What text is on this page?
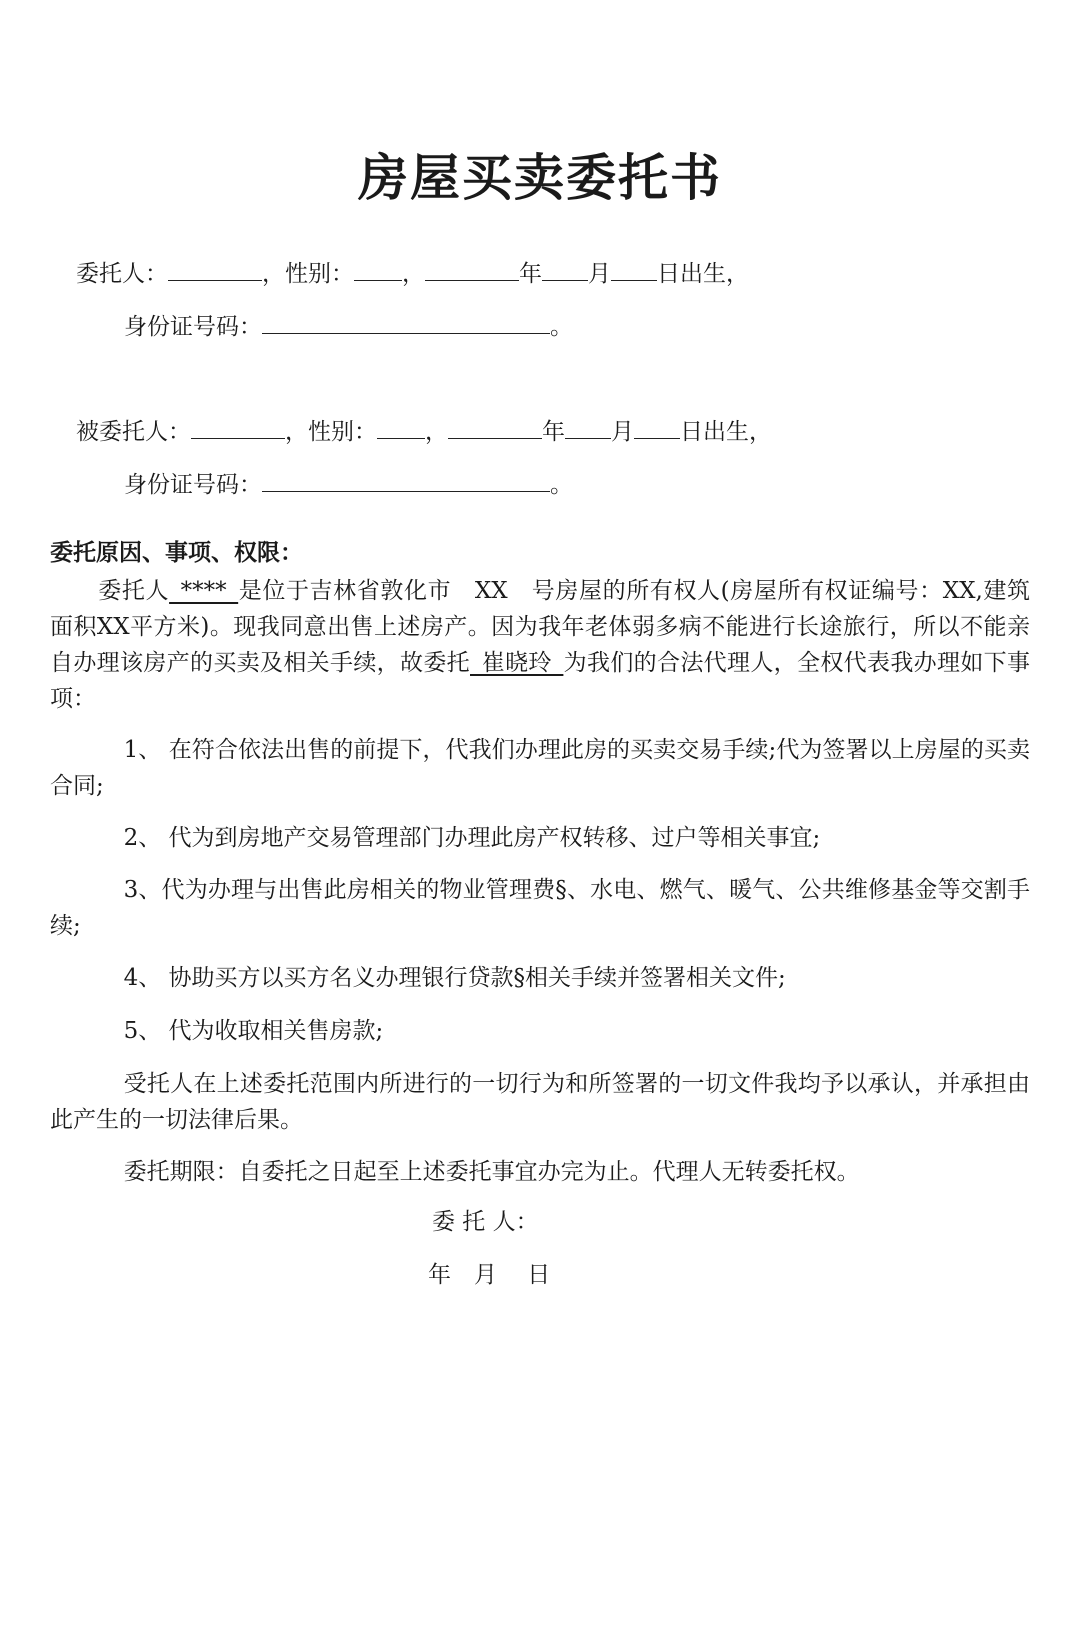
房屋买卖委托书
委托人：	，性别： ，	年 月 日出生，
身份证号码：	。
被委托人：	，性别： ，	年 月 日出生，
身份证号码：	。
委托原因、事项、权限：
委托人_****_是位于吉林省敦化市　XX　号房屋的所有权人(房屋所有权证编号：XX,建筑面积XX平方米)。现我同意出售上述房产。因为我年老体弱多病不能进行长途旅行，所以不能亲自办理该房产的买卖及相关手续，故委托_崔晓玲_为我们的合法代理人，全权代表我办理如下事项：
1、 在符合依法出售的前提下，代我们办理此房的买卖交易手续;代为签署以上房屋的买卖合同;
2、 代为到房地产交易管理部门办理此房产权转移、过户等相关事宜;
3、代为办理与出售此房相关的物业管理费§、水电、燃气、暖气、公共维修基金等交割手续;
4、 协助买方以买方名义办理银行贷款§相关手续并签署相关文件;
5、 代为收取相关售房款;
受托人在上述委托范围内所进行的一切行为和所签署的一切文件我均予以承认，并承担由此产生的一切法律后果。
委托期限：自委托之日起至上述委托事宜办完为止。代理人无转委托权。
委 托 人：
年　月　 日
